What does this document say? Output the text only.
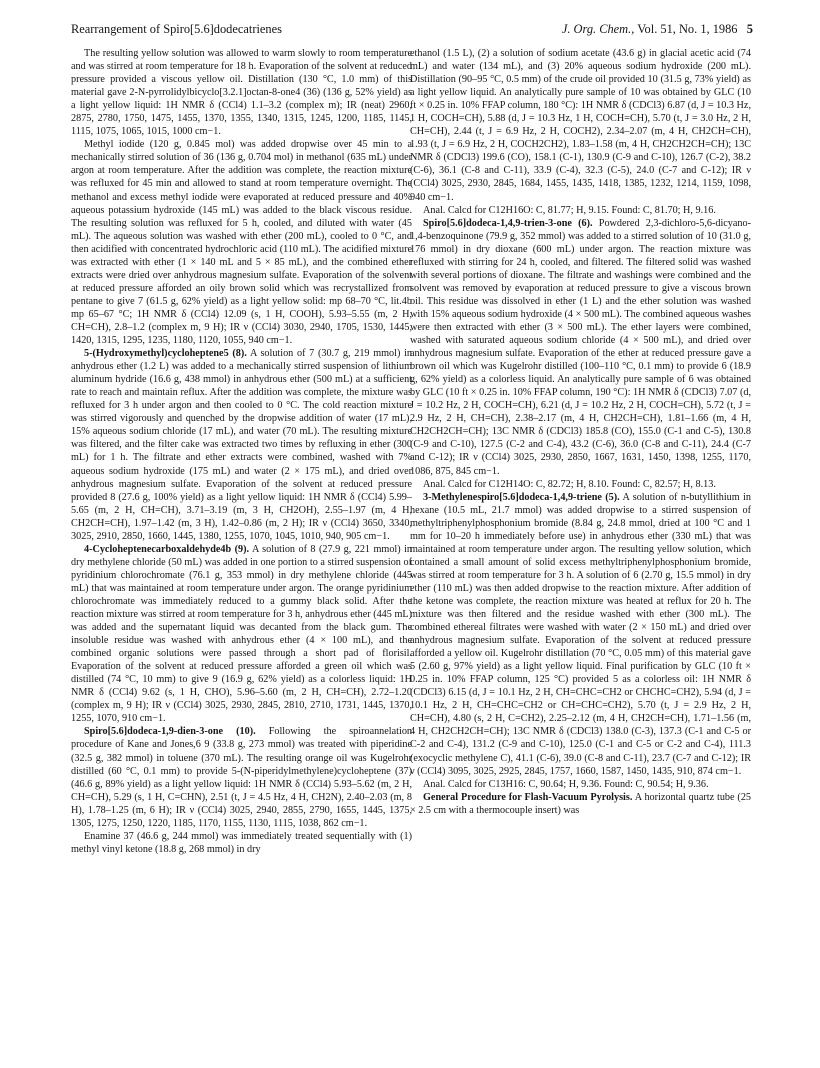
Rearrangement of Spiro[5.6]dodecatrienes	J. Org. Chem., Vol. 51, No. 1, 1986 5

The resulting yellow solution was allowed to warm slowly to room temperature and was stirred at room temperature for 18 h. Evaporation of the solvent at reduced pressure provided a viscous yellow oil. Distillation (130 °C, 1.0 mm) of this material gave 2-N-pyrrolidylbicyclo[3.2.1]octan-8-one4 (36) (136 g, 52% yield) as a light yellow liquid: 1H NMR δ (CCl4) 1.1–3.2 (complex m); IR (neat) 2960, 2875, 2780, 1750, 1475, 1455, 1370, 1355, 1340, 1315, 1245, 1200, 1185, 1145, 1115, 1075, 1065, 1015, 1000 cm−1.

Methyl iodide (120 g, 0.845 mol) was added dropwise over 45 min to a mechanically stirred solution of 36 (136 g, 0.704 mol) in methanol (635 mL) under argon at room temperature. After the addition was complete, the reaction mixture was refluxed for 45 min and allowed to stand at room temperature overnight. The methanol and excess methyl iodide were evaporated at reduced pressure and 40% aqueous potassium hydroxide (145 mL) was added to the black viscous residue. The resulting solution was refluxed for 5 h, cooled, and diluted with water (45 mL). The aqueous solution was washed with ether (200 mL), cooled to 0 °C, and then acidified with concentrated hydrochloric acid (110 mL). The acidified mixture was extracted with ether (1 × 140 mL and 5 × 85 mL), and the combined ether extracts were dried over anhydrous magnesium sulfate. Evaporation of the solvent at reduced pressure afforded an oily brown solid which was recrystallized from pentane to give 7 (61.5 g, 62% yield) as a light yellow solid: mp 68–70 °C, lit.4b mp 65–67 °C; 1H NMR δ (CCl4) 12.09 (s, 1 H, COOH), 5.93–5.55 (m, 2 H, CH=CH), 2.8–1.2 (complex m, 9 H); IR ν (CCl4) 3030, 2940, 1705, 1530, 1445, 1420, 1315, 1295, 1235, 1180, 1120, 1055, 940 cm−1.

5-(Hydroxymethyl)cycloheptene5 (8). A solution of 7 (30.7 g, 219 mmol) in anhydrous ether (1.2 L) was added to a mechanically stirred suspension of lithium aluminum hydride (16.6 g, 438 mmol) in anhydrous ether (500 mL) at a sufficient rate to reach and maintain reflux. After the addition was complete, the mixture was refluxed for 3 h under argon and then cooled to 0 °C. The cold reaction mixture was stirred vigorously and quenched by the dropwise addition of water (17 mL), 15% aqueous sodium chloride (17 mL), and water (70 mL). The resulting mixture was filtered, and the filter cake was extracted two times by refluxing in ether (300 mL) for 1 h. The filtrate and ether extracts were combined, washed with 7% aqueous sodium hydroxide (175 mL) and water (2 × 175 mL), and dried over anhydrous magnesium sulfate. Evaporation of the solvent at reduced pressure provided 8 (27.6 g, 100% yield) as a light yellow liquid: 1H NMR δ (CCl4) 5.99–5.65 (m, 2 H, CH=CH), 3.71–3.19 (m, 3 H, CH2OH), 2.55–1.97 (m, 4 H, CH2CH=CH), 1.97–1.42 (m, 3 H), 1.42–0.86 (m, 2 H); IR ν (CCl4) 3650, 3340, 3025, 2910, 2850, 1660, 1445, 1380, 1255, 1070, 1045, 1010, 940, 905 cm−1.

4-Cycloheptenecarboxaldehyde4b (9). A solution of 8 (27.9 g, 221 mmol) in dry methylene chloride (50 mL) was added in one portion to a stirred suspension of pyridinium chlorochromate (76.1 g, 353 mmol) in dry methylene chloride (445 mL) that was maintained at room temperature under argon. The orange pyridinium chlorochromate was immediately reduced to a gummy black solid. After the reaction mixture was stirred at room temperature for 3 h, anhydrous ether (445 mL) was added and the supernatant liquid was decanted from the black gum. The insoluble residue was washed with anhydrous ether (4 × 100 mL), and the combined organic solutions were passed through a short pad of florisil. Evaporation of the solvent at reduced pressure afforded a green oil which was distilled (74 °C, 10 mm) to give 9 (16.9 g, 62% yield) as a colorless liquid: 1H NMR δ (CCl4) 9.62 (s, 1 H, CHO), 5.96–5.60 (m, 2 H, CH=CH), 2.72–1.20 (complex m, 9 H); IR ν (CCl4) 3025, 2930, 2845, 2810, 2710, 1731, 1445, 1370, 1255, 1070, 910 cm−1.

Spiro[5.6]dodeca-1,9-dien-3-one (10). Following the spiroannelation procedure of Kane and Jones,6 9 (33.8 g, 273 mmol) was treated with piperidine (32.5 g, 382 mmol) in toluene (370 mL). The resulting orange oil was Kugelrohr distilled (60 °C, 0.1 mm) to provide 5-(N-piperidylmethylene)cycloheptene (37) (46.6 g, 89% yield) as a light yellow liquid: 1H NMR δ (CCl4) 5.93–5.62 (m, 2 H, CH=CH), 5.29 (s, 1 H, C=CHN), 2.51 (t, J = 4.5 Hz, 4 H, CH2N), 2.40–2.03 (m, 8 H), 1.78–1.25 (m, 6 H); IR ν (CCl4) 3025, 2940, 2855, 2790, 1655, 1445, 1375, 1305, 1275, 1250, 1220, 1185, 1170, 1155, 1130, 1115, 1038, 862 cm−1.

Enamine 37 (46.6 g, 244 mmol) was immediately treated sequentially with (1) methyl vinyl ketone (18.8 g, 268 mmol) in dry

ethanol (1.5 L), (2) a solution of sodium acetate (43.6 g) in glacial acetic acid (74 mL) and water (134 mL), and (3) 20% aqueous sodium hydroxide (200 mL). Distillation (90–95 °C, 0.5 mm) of the crude oil provided 10 (31.5 g, 73% yield) as a light yellow liquid. An analytically pure sample of 10 was obtained by GLC (10 ft × 0.25 in. 10% FFAP column, 180 °C): 1H NMR δ (CDCl3) 6.87 (d, J = 10.3 Hz, 1 H, COCH=CH), 5.88 (d, J = 10.3 Hz, 1 H, COCH=CH), 5.70 (t, J = 3.0 Hz, 2 H, CH=CH), 2.44 (t, J = 6.9 Hz, 2 H, COCH2), 2.34–2.07 (m, 4 H, CH2CH=CH), 1.93 (t, J = 6.9 Hz, 2 H, COCH2CH2), 1.83–1.58 (m, 4 H, CH2CH2CH=CH); 13C NMR δ (CDCl3) 199.6 (CO), 158.1 (C-1), 130.9 (C-9 and C-10), 126.7 (C-2), 38.2 (C-6), 36.1 (C-8 and C-11), 33.9 (C-4), 32.3 (C-5), 24.0 (C-7 and C-12); IR ν (CCl4) 3025, 2930, 2845, 1684, 1455, 1435, 1418, 1385, 1232, 1214, 1159, 1098, 940 cm−1.

Anal. Calcd for C12H16O: C, 81.77; H, 9.15. Found: C, 81.70; H, 9.16.

Spiro[5.6]dodeca-1,4,9-trien-3-one (6). Powdered 2,3-dichloro-5,6-dicyano-1,4-benzoquinone (79.9 g, 352 mmol) was added to a stirred solution of 10 (31.0 g, 176 mmol) in dry dioxane (600 mL) under argon. The reaction mixture was refluxed with stirring for 24 h, cooled, and filtered. The filtered solid was washed with several portions of dioxane. The filtrate and washings were combined and the solvent was removed by evaporation at reduced pressure to give a viscous brown oil. This residue was dissolved in ether (1 L) and the ether solution was washed with 15% aqueous sodium hydroxide (4 × 500 mL). The combined aqueous washes were then extracted with ether (3 × 500 mL). The ether layers were combined, washed with saturated aqueous sodium chloride (4 × 500 mL), and dried over anhydrous magnesium sulfate. Evaporation of the ether at reduced pressure gave a brown oil which was Kugelrohr distilled (100–110 °C, 0.1 mm) to provide 6 (18.9 g, 62% yield) as a colorless liquid. An analytically pure sample of 6 was obtained by GLC (10 ft × 0.25 in. 10% FFAP column, 190 °C): 1H NMR δ (CDCl3) 7.07 (d, J = 10.2 Hz, 2 H, COCH=CH), 6.21 (d, J = 10.2 Hz, 2 H, COCH=CH), 5.72 (t, J = 2.9 Hz, 2 H, CH=CH), 2.38–2.17 (m, 4 H, CH2CH=CH), 1.81–1.66 (m, 4 H, CH2CH2CH=CH); 13C NMR δ (CDCl3) 185.8 (CO), 155.0 (C-1 and C-5), 130.8 (C-9 and C-10), 127.5 (C-2 and C-4), 43.2 (C-6), 36.0 (C-8 and C-11), 24.4 (C-7 and C-12); IR ν (CCl4) 3025, 2930, 2850, 1667, 1631, 1450, 1398, 1255, 1170, 1086, 875, 845 cm−1.

Anal. Calcd for C12H14O: C, 82.72; H, 8.10. Found: C, 82.57; H, 8.13.

3-Methylenespiro[5.6]dodeca-1,4,9-triene (5). A solution of n-butyllithium in hexane (10.5 mL, 21.7 mmol) was added dropwise to a stirred suspension of methyltriphenylphosphonium bromide (8.84 g, 24.8 mmol, dried at 100 °C and 1 mm for 10–20 h immediately before use) in anhydrous ether (330 mL) that was maintained at room temperature under argon. The resulting yellow solution, which contained a small amount of solid excess methyltriphenylphosphonium bromide, was stirred at room temperature for 3 h. A solution of 6 (2.70 g, 15.5 mmol) in dry ether (110 mL) was then added dropwise to the reaction mixture. After addition of the ketone was complete, the reaction mixture was heated at reflux for 20 h. The mixture was then filtered and the residue washed with ether (300 mL). The combined ethereal filtrates were washed with water (2 × 150 mL) and dried over anhydrous magnesium sulfate. Evaporation of the solvent at reduced pressure afforded a yellow oil. Kugelrohr distillation (70 °C, 0.05 mm) of this material gave 5 (2.60 g, 97% yield) as a light yellow liquid. Final purification by GLC (10 ft × 0.25 in. 10% FFAP column, 125 °C) provided 5 as a colorless oil: 1H NMR δ (CDCl3) 6.15 (d, J = 10.1 Hz, 2 H, CH=CHC=CH2 or CHCHC=CH2), 5.94 (d, J = 10.1 Hz, 2 H, CH=CHC=CH2 or CH=CHC=CH2), 5.70 (t, J = 2.9 Hz, 2 H, CH=CH), 4.80 (s, 2 H, C=CH2), 2.25–2.12 (m, 4 H, CH2CH=CH), 1.71–1.56 (m, 4 H, CH2CH2CH=CH); 13C NMR δ (CDCl3) 138.0 (C-3), 137.3 (C-1 and C-5 or C-2 and C-4), 131.2 (C-9 and C-10), 125.0 (C-1 and C-5 or C-2 and C-4), 111.3 (exocyclic methylene C), 41.1 (C-6), 39.0 (C-8 and C-11), 23.7 (C-7 and C-12); IR ν (CCl4) 3095, 3025, 2925, 2845, 1757, 1660, 1587, 1450, 1435, 910, 874 cm−1.

Anal. Calcd for C13H16: C, 90.64; H, 9.36. Found: C, 90.54; H, 9.36.

General Procedure for Flash-Vacuum Pyrolysis. A horizontal quartz tube (25 × 2.5 cm with a thermocouple insert) was
